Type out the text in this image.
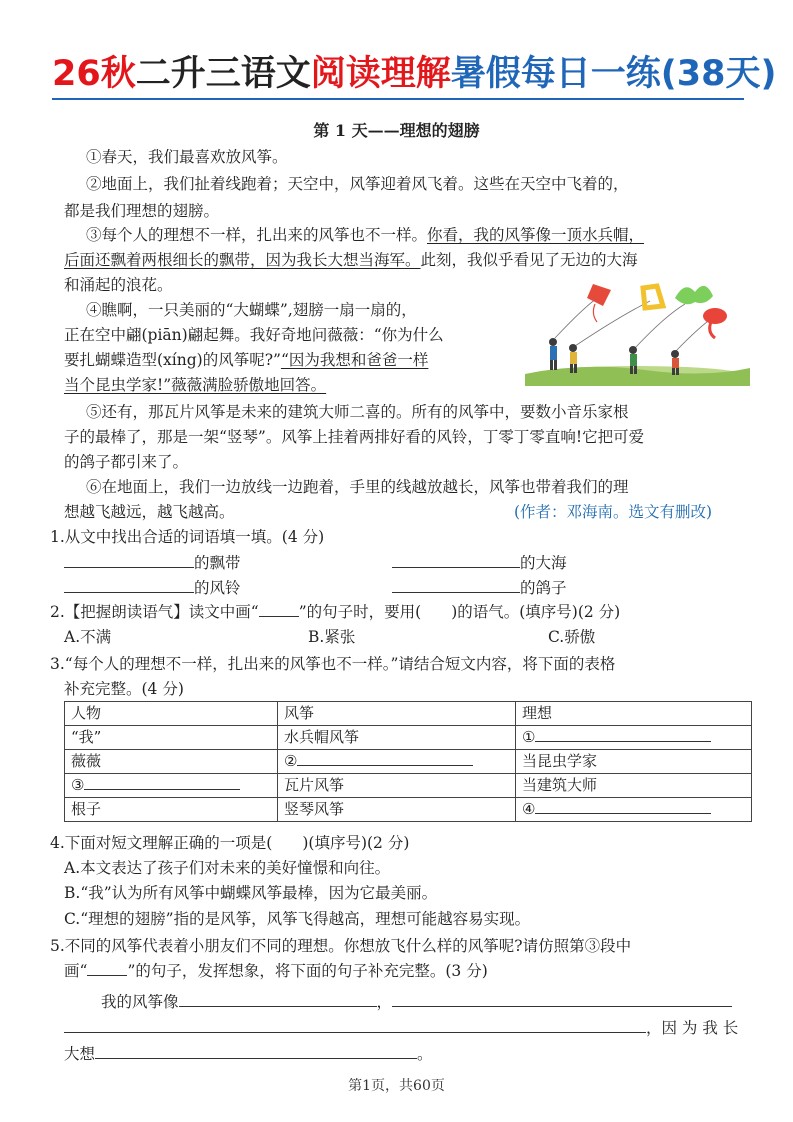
26秋二升三语文阅读理解暑假每日一练(38天)
第 1 天——理想的翅膀
①春天，我们最喜欢放风筝。
②地面上，我们扯着线跑着；天空中，风筝迎着风飞着。这些在天空中飞着的，
都是我们理想的翅膀。
③每个人的理想不一样，扎出来的风筝也不一样。你看，我的风筝像一顶水兵帽，
后面还飘着两根细长的飘带，因为我长大想当海军。此刻，我似乎看见了无边的大海
和涌起的浪花。
④瞧啊，一只美丽的“大蝴蝶”,翅膀一扇一扇的，
正在空中翩(piān)翩起舞。我好奇地问薇薇：“你为什么
要扎蝴蝶造型(xíng)的风筝呢?”“因为我想和爸爸一样
当个昆虫学家!”薇薇满脸骄傲地回答。
⑤还有，那瓦片风筝是未来的建筑大师二喜的。所有的风筝中，要数小音乐家根
子的最棒了，那是一架“竖琴”。风筝上挂着两排好看的风铃，丁零丁零直响!它把可爱
的鸽子都引来了。
⑥在地面上，我们一边放线一边跑着，手里的线越放越长，风筝也带着我们的理
想越飞越远，越飞越高。	(作者：邓海南。选文有删改)
1.从文中找出合适的词语填一填。(4 分)
的飘带	的大海
的风铃	的鸽子
2.【把握朗读语气】读文中画“	”的句子时，要用( )的语气。(填序号)(2 分)
A.不满	B.紧张	C.骄傲
3.“每个人的理想不一样，扎出来的风筝也不一样。”请结合短文内容，将下面的表格
补充完整。(4 分)
人物	风筝	理想
“我”	水兵帽风筝	①
薇薇	②	当昆虫学家
③	瓦片风筝	当建筑大师
根子	竖琴风筝	④
4.下面对短文理解正确的一项是( )(填序号)(2 分)
A.本文表达了孩子们对未来的美好憧憬和向往。
B.“我”认为所有风筝中蝴蝶风筝最棒，因为它最美丽。
C.“理想的翅膀”指的是风筝，风筝飞得越高，理想可能越容易实现。
5.不同的风筝代表着小朋友们不同的理想。你想放飞什么样的风筝呢?请仿照第③段中
画“	”的句子，发挥想象，将下面的句子补充完整。(3 分)
我的风筝像	，
，因 为 我 长
大想	。
第1页，共60页
